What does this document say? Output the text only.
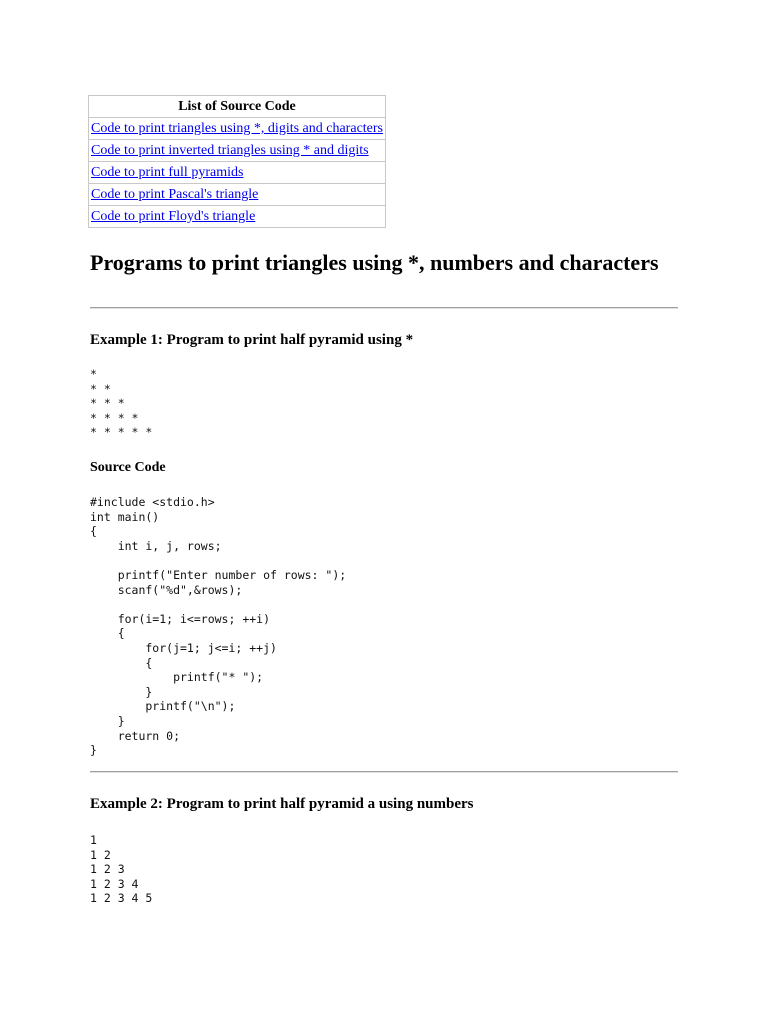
List of Source Code
Code to print triangles using *, digits and characters
Code to print inverted triangles using * and digits
Code to print full pyramids
Code to print Pascal's triangle
Code to print Floyd's triangle
Programs to print triangles using *, numbers and characters
Example 1: Program to print half pyramid using *
*
* *
* * *
* * * *
* * * * *
Source Code
#include <stdio.h>
int main()
{
int i, j, rows;

printf("Enter number of rows: ");
scanf("%d",&rows);

for(i=1; i<=rows; ++i)
{
for(j=1; j<=i; ++j)
{
printf("* ");
}
printf("\n");
}
return 0;
}
Example 2: Program to print half pyramid a using numbers
1
1 2
1 2 3
1 2 3 4
1 2 3 4 5
